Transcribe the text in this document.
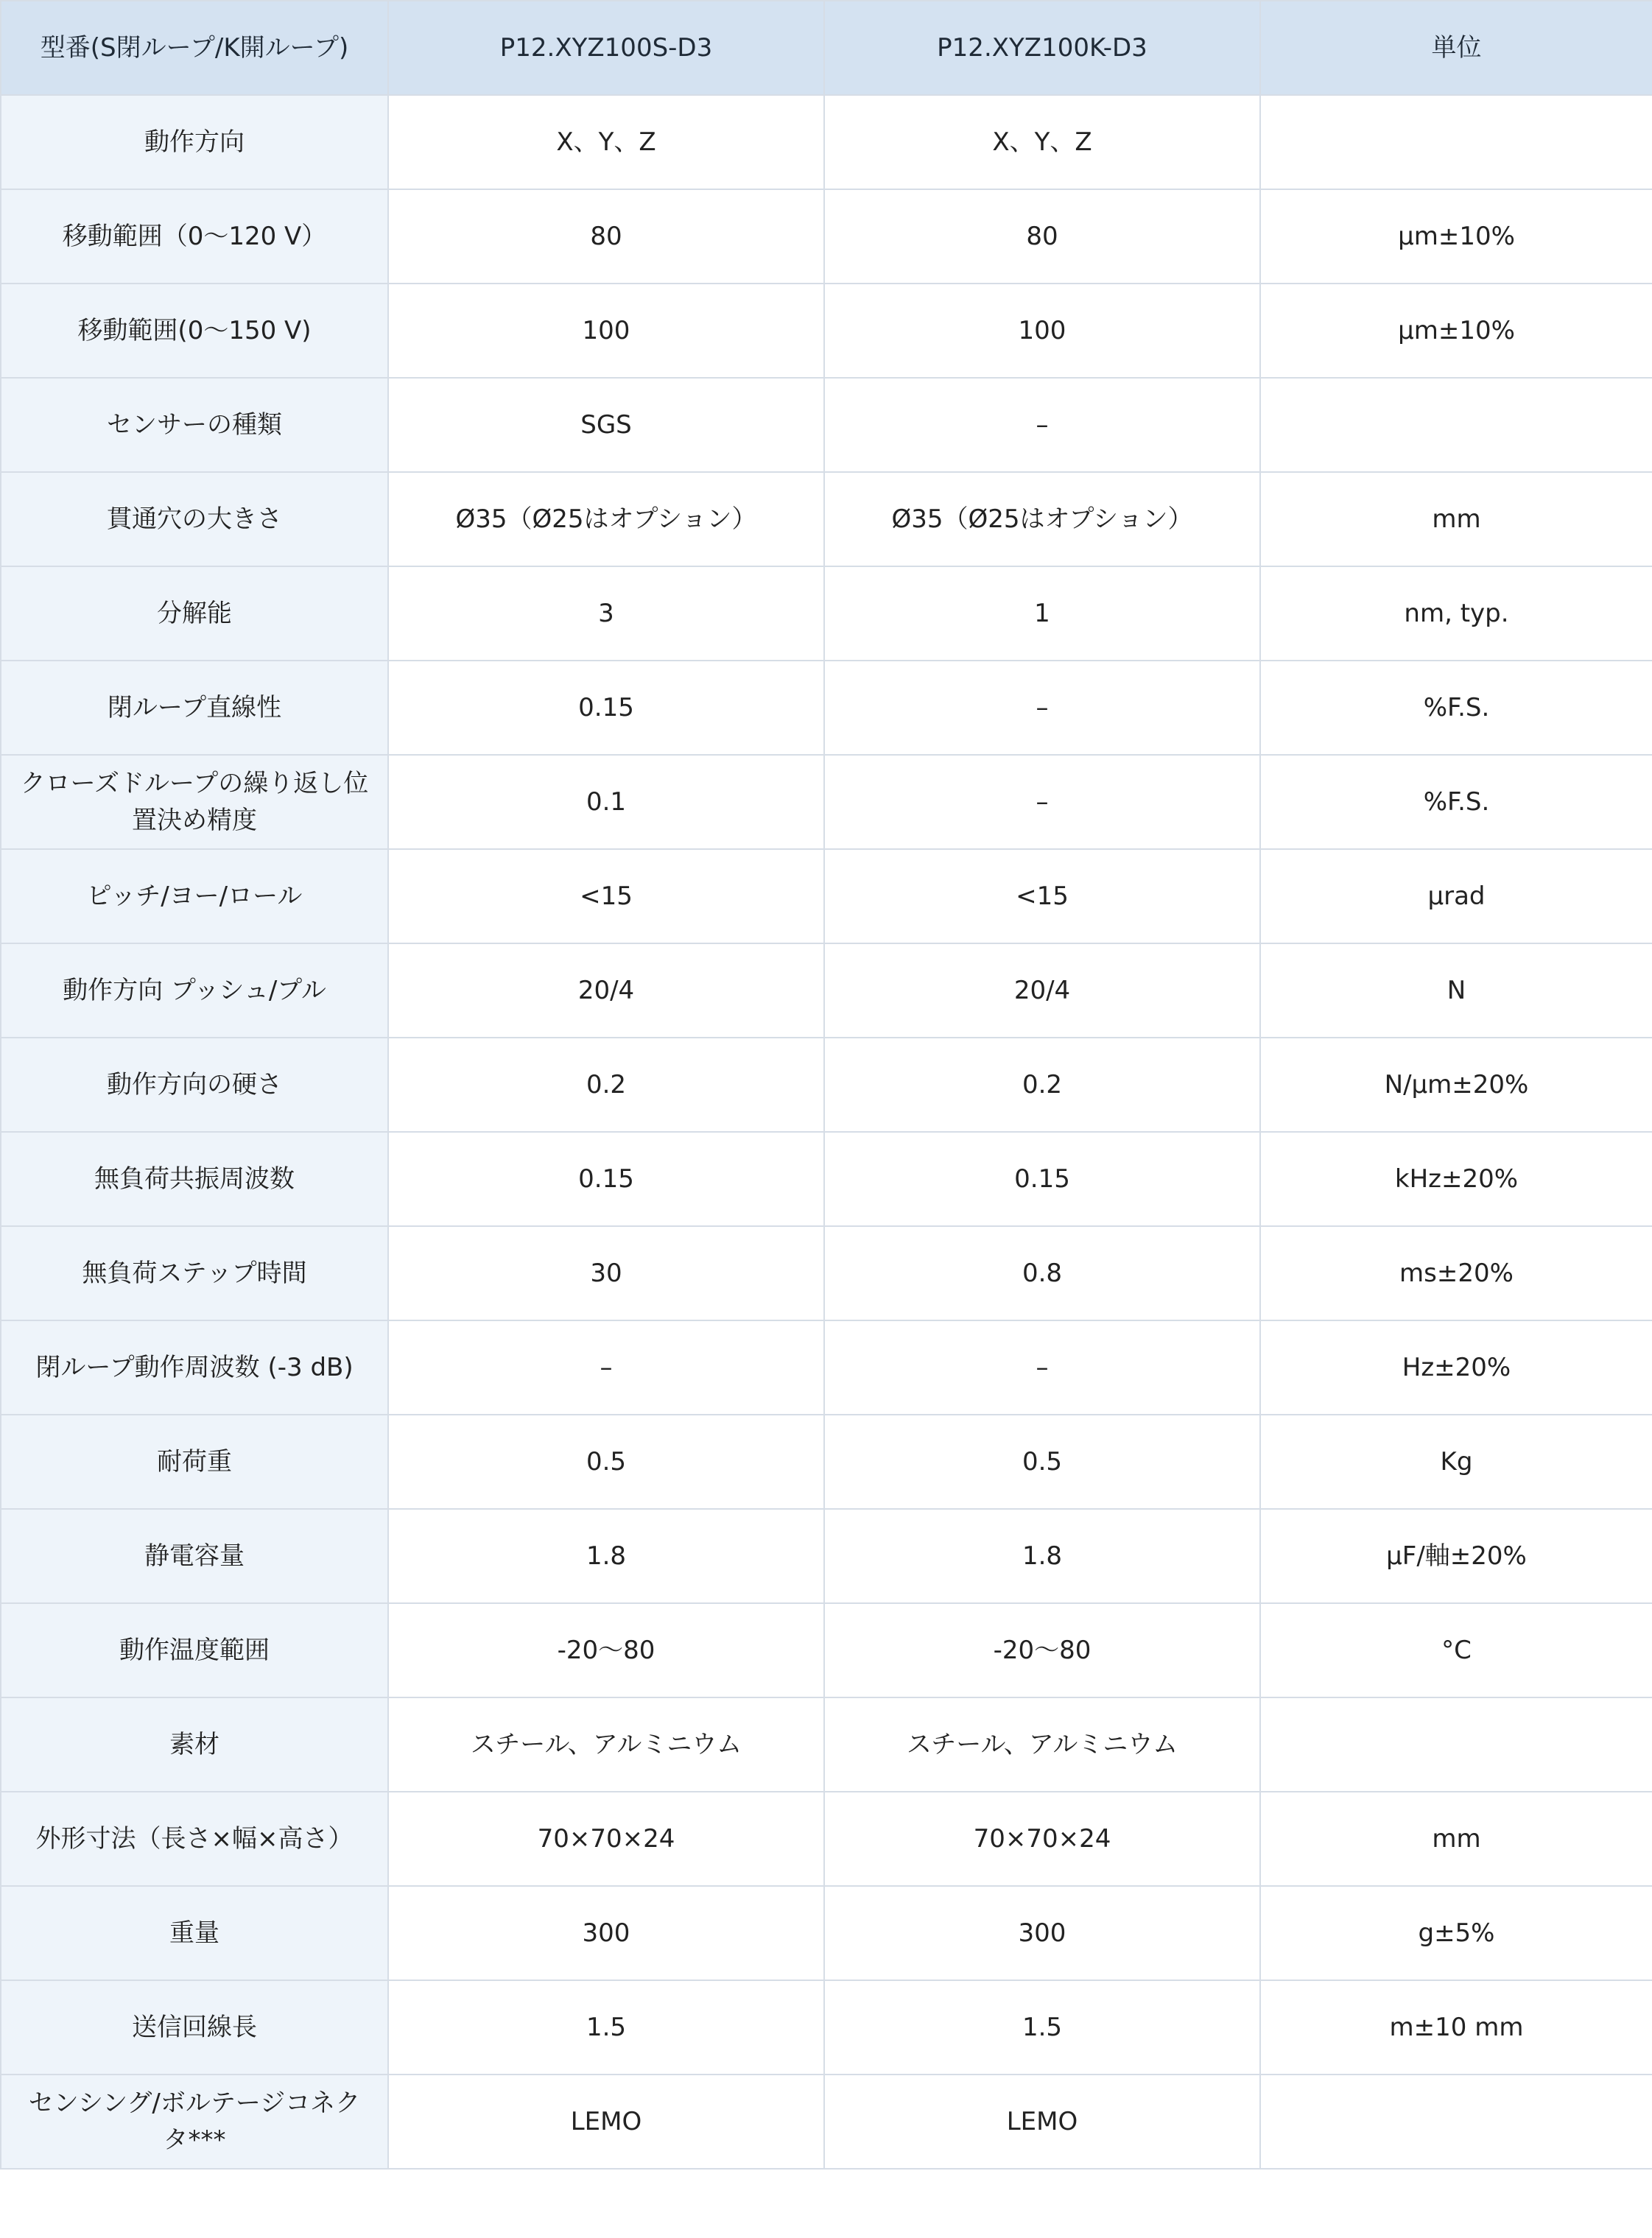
型番(S閉ループ/K開ループ)	P12.XYZ100S-D3	P12.XYZ100K-D3	単位
動作方向	X、Y、Z	X、Y、Z	
移動範囲（0～120 V）	80	80	µm±10%
移動範囲(0～150 V)	100	100	µm±10%
センサーの種類	SGS	–	
貫通穴の大きさ	Ø35（Ø25はオプション）	Ø35（Ø25はオプション）	mm
分解能	3	1	nm, typ.
閉ループ直線性	0.15	–	%F.S.
クローズドループの繰り返し位置決め精度	0.1	–	%F.S.
ピッチ/ヨー/ロール	<15	<15	µrad
動作方向 プッシュ/プル	20/4	20/4	N
動作方向の硬さ	0.2	0.2	N/µm±20%
無負荷共振周波数	0.15	0.15	kHz±20%
無負荷ステップ時間	30	0.8	ms±20%
閉ループ動作周波数 (-3 dB)	–	–	Hz±20%
耐荷重	0.5	0.5	Kg
静電容量	1.8	1.8	µF/軸±20%
動作温度範囲	-20～80	-20～80	°C
素材	スチール、アルミニウム	スチール、アルミニウム	
外形寸法（長さ×幅×高さ）	70×70×24	70×70×24	mm
重量	300	300	g±5%
送信回線長	1.5	1.5	m±10 mm
センシング/ボルテージコネクタ***	LEMO	LEMO	
